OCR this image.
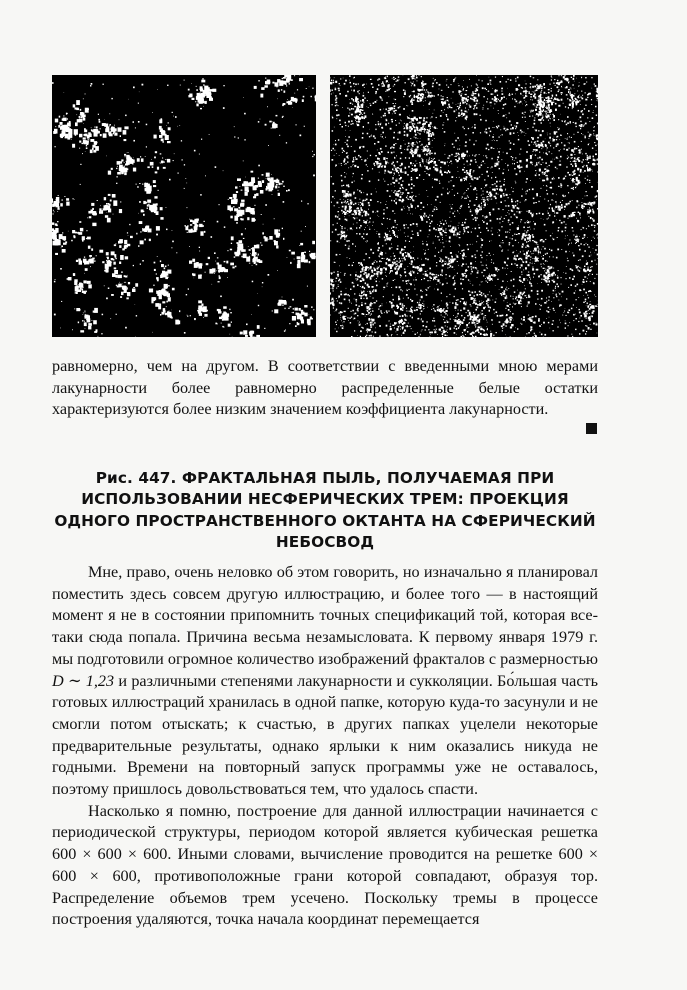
равномерно, чем на другом. В соответствии с введенными мною мерами лакунарности более равномерно распределенные белые остатки характеризуются более низким значением коэффициента лакунарности.

Рис. 447. ФРАКТАЛЬНАЯ ПЫЛЬ, ПОЛУЧАЕМАЯ ПРИ
ИСПОЛЬЗОВАНИИ НЕСФЕРИЧЕСКИХ ТРЕМ: ПРОЕКЦИЯ
ОДНОГО ПРОСТРАНСТВЕННОГО ОКТАНТА НА СФЕРИЧЕСКИЙ
НЕБОСВОД

Мне, право, очень неловко об этом говорить, но изначально я планировал поместить здесь совсем другую иллюстрацию, и более того — в настоящий момент я не в состоянии припомнить точных спецификаций той, которая все-таки сюда попала. Причина весьма незамысловата. К первому января 1979 г. мы подготовили огромное количество изображений фракталов с размерностью D ∼ 1,23 и различными степенями лакунарности и сукколяции. Бо́льшая часть готовых иллюстраций хранилась в одной папке, которую куда-то засунули и не смогли потом отыскать; к счастью, в других папках уцелели некоторые предварительные результаты, однако ярлыки к ним оказались никуда не годными. Времени на повторный запуск программы уже не оставалось, поэтому пришлось довольствоваться тем, что удалось спасти.

Насколько я помню, построение для данной иллюстрации начинается с периодической структуры, периодом которой является кубическая решетка 600 × 600 × 600. Иными словами, вычисление проводится на решетке 600 × 600 × 600, противоположные грани которой совпадают, образуя тор. Распределение объемов трем усечено. Поскольку тремы в процессе построения удаляются, точка начала координат перемещается
